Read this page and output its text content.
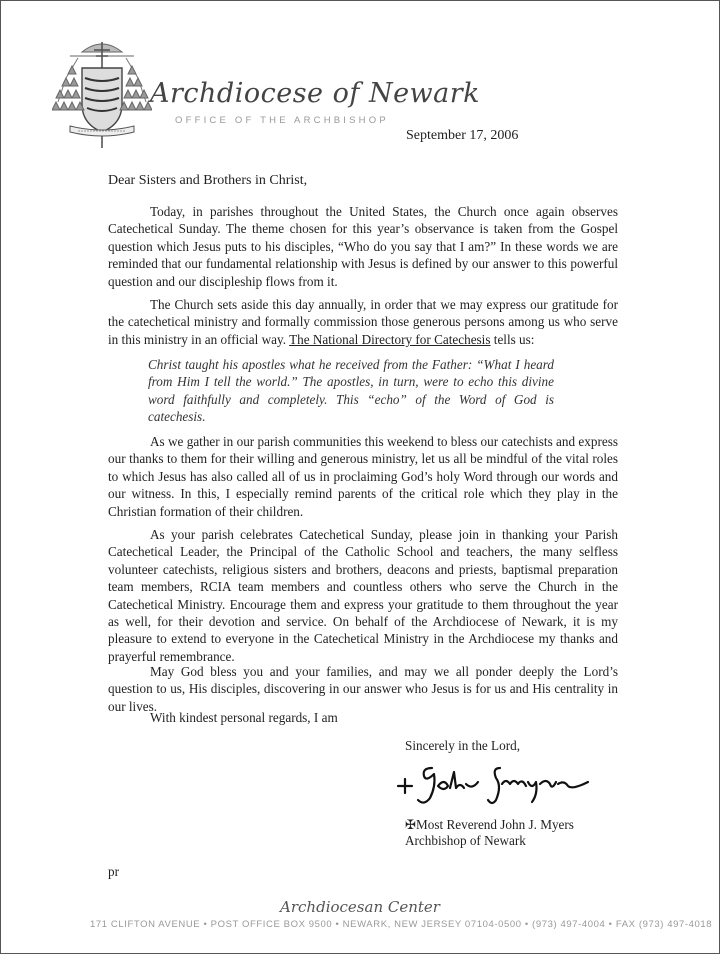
Archdiocese of Newark
OFFICE OF THE ARCHBISHOP
September 17, 2006
Dear Sisters and Brothers in Christ,

Today, in parishes throughout the United States, the Church once again observes Catechetical Sunday. The theme chosen for this year’s observance is taken from the Gospel question which Jesus puts to his disciples, “Who do you say that I am?” In these words we are reminded that our fundamental relationship with Jesus is defined by our answer to this powerful question and our discipleship flows from it.

The Church sets aside this day annually, in order that we may express our gratitude for the catechetical ministry and formally commission those generous persons among us who serve in this ministry in an official way. The National Directory for Catechesis tells us:

Christ taught his apostles what he received from the Father: “What I heard from Him I tell the world.” The apostles, in turn, were to echo this divine word faithfully and completely. This “echo” of the Word of God is catechesis.

As we gather in our parish communities this weekend to bless our catechists and express our thanks to them for their willing and generous ministry, let us all be mindful of the vital roles to which Jesus has also called all of us in proclaiming God’s holy Word through our words and our witness. In this, I especially remind parents of the critical role which they play in the Christian formation of their children.

As your parish celebrates Catechetical Sunday, please join in thanking your Parish Catechetical Leader, the Principal of the Catholic School and teachers, the many selfless volunteer catechists, religious sisters and brothers, deacons and priests, baptismal preparation team members, RCIA team members and countless others who serve the Church in the Catechetical Ministry. Encourage them and express your gratitude to them throughout the year as well, for their devotion and service. On behalf of the Archdiocese of Newark, it is my pleasure to extend to everyone in the Catechetical Ministry in the Archdiocese my thanks and prayerful remembrance.

May God bless you and your families, and may we all ponder deeply the Lord’s question to us, His disciples, discovering in our answer who Jesus is for us and His centrality in our lives.

With kindest personal regards, I am
Sincerely in the Lord,
✠Most Reverend John J. Myers
Archbishop of Newark
pr
Archdiocesan Center
171 CLIFTON AVENUE • POST OFFICE BOX 9500 • NEWARK, NEW JERSEY 07104-0500 • (973) 497-4004 • FAX (973) 497-4018
